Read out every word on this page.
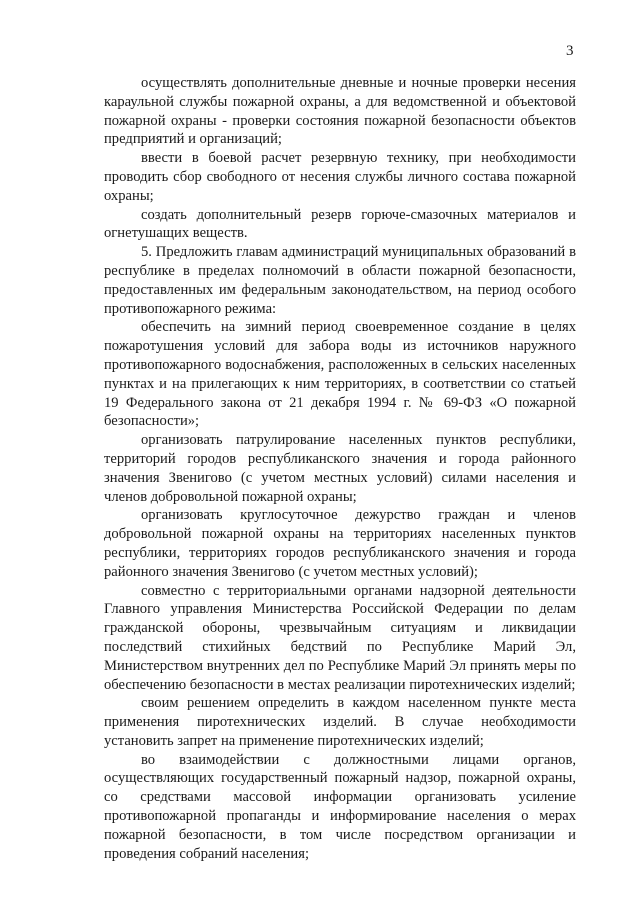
3

осуществлять дополнительные дневные и ночные проверки несения караульной службы пожарной охраны, а для ведомственной и объектовой пожарной охраны - проверки состояния пожарной безопасности объектов предприятий и организаций;

ввести в боевой расчет резервную технику, при необходимости проводить сбор свободного от несения службы личного состава пожарной охраны;

создать дополнительный резерв горюче-смазочных материалов и огнетушащих веществ.

5. Предложить главам администраций муниципальных образований в республике в пределах полномочий в области пожарной безопасности, предоставленных им федеральным законодательством, на период особого противопожарного режима:

обеспечить на зимний период своевременное создание в целях пожаротушения условий для забора воды из источников наружного противопожарного водоснабжения, расположенных в сельских населенных пунктах и на прилегающих к ним территориях, в соответствии со статьей 19 Федерального закона от 21 декабря 1994 г. № 69-ФЗ «О пожарной безопасности»;

организовать патрулирование населенных пунктов республики, территорий городов республиканского значения и города районного значения Звенигово (с учетом местных условий) силами населения и членов добровольной пожарной охраны;

организовать круглосуточное дежурство граждан и членов добровольной пожарной охраны на территориях населенных пунктов республики, территориях городов республиканского значения и города районного значения Звенигово (с учетом местных условий);

совместно с территориальными органами надзорной деятельности Главного управления Министерства Российской Федерации по делам гражданской обороны, чрезвычайным ситуациям и ликвидации последствий стихийных бедствий по Республике Марий Эл, Министерством внутренних дел по Республике Марий Эл принять меры по обеспечению безопасности в местах реализации пиротехнических изделий;

своим решением определить в каждом населенном пункте места применения пиротехнических изделий. В случае необходимости установить запрет на применение пиротехнических изделий;

во взаимодействии с должностными лицами органов, осуществляющих государственный пожарный надзор, пожарной охраны, со средствами массовой информации организовать усиление противопожарной пропаганды и информирование населения о мерах пожарной безопасности, в том числе посредством организации и проведения собраний населения;
